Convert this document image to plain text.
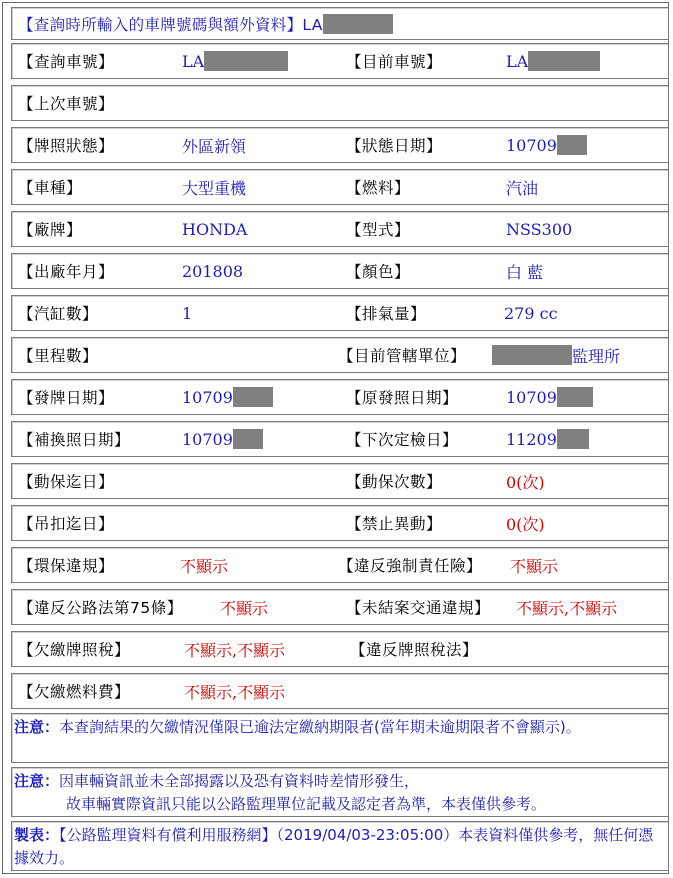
【查詢時所輸入的車牌號碼與額外資料】LA
【查詢車號】	LA	【目前車號】	LA
【上次車號】
【牌照狀態】	外區新領	【狀態日期】	10709
【車種】	大型重機	【燃料】	汽油
【廠牌】	HONDA	【型式】	NSS300
【出廠年月】	201808	【顏色】	白 藍
【汽缸數】	1	【排氣量】	279 cc
【里程數】	【目前管轄單位】	監理所
【發牌日期】	10709	【原發照日期】	10709
【補換照日期】	10709	【下次定檢日】	11209
【動保迄日】	【動保次數】	0(次)
【吊扣迄日】	【禁止異動】	0(次)
【環保違規】	不顯示	【違反強制責任險】 不顯示
【違反公路法第75條】 不顯示	【未結案交通違規】 不顯示,不顯示
【欠繳牌照稅】	不顯示,不顯示	【違反牌照稅法】
【欠繳燃料費】	不顯示,不顯示
注意：本查詢結果的欠繳情況僅限已逾法定繳納期限者(當年期未逾期限者不會顯示)。
注意：因車輛資訊並未全部揭露以及恐有資料時差情形發生，
故車輛實際資訊只能以公路監理單位記載及認定者為準，本表僅供參考。
製表：【公路監理資料有償利用服務網】（2019/04/03-23:05:00）本表資料僅供參考，無任何憑據效力。
